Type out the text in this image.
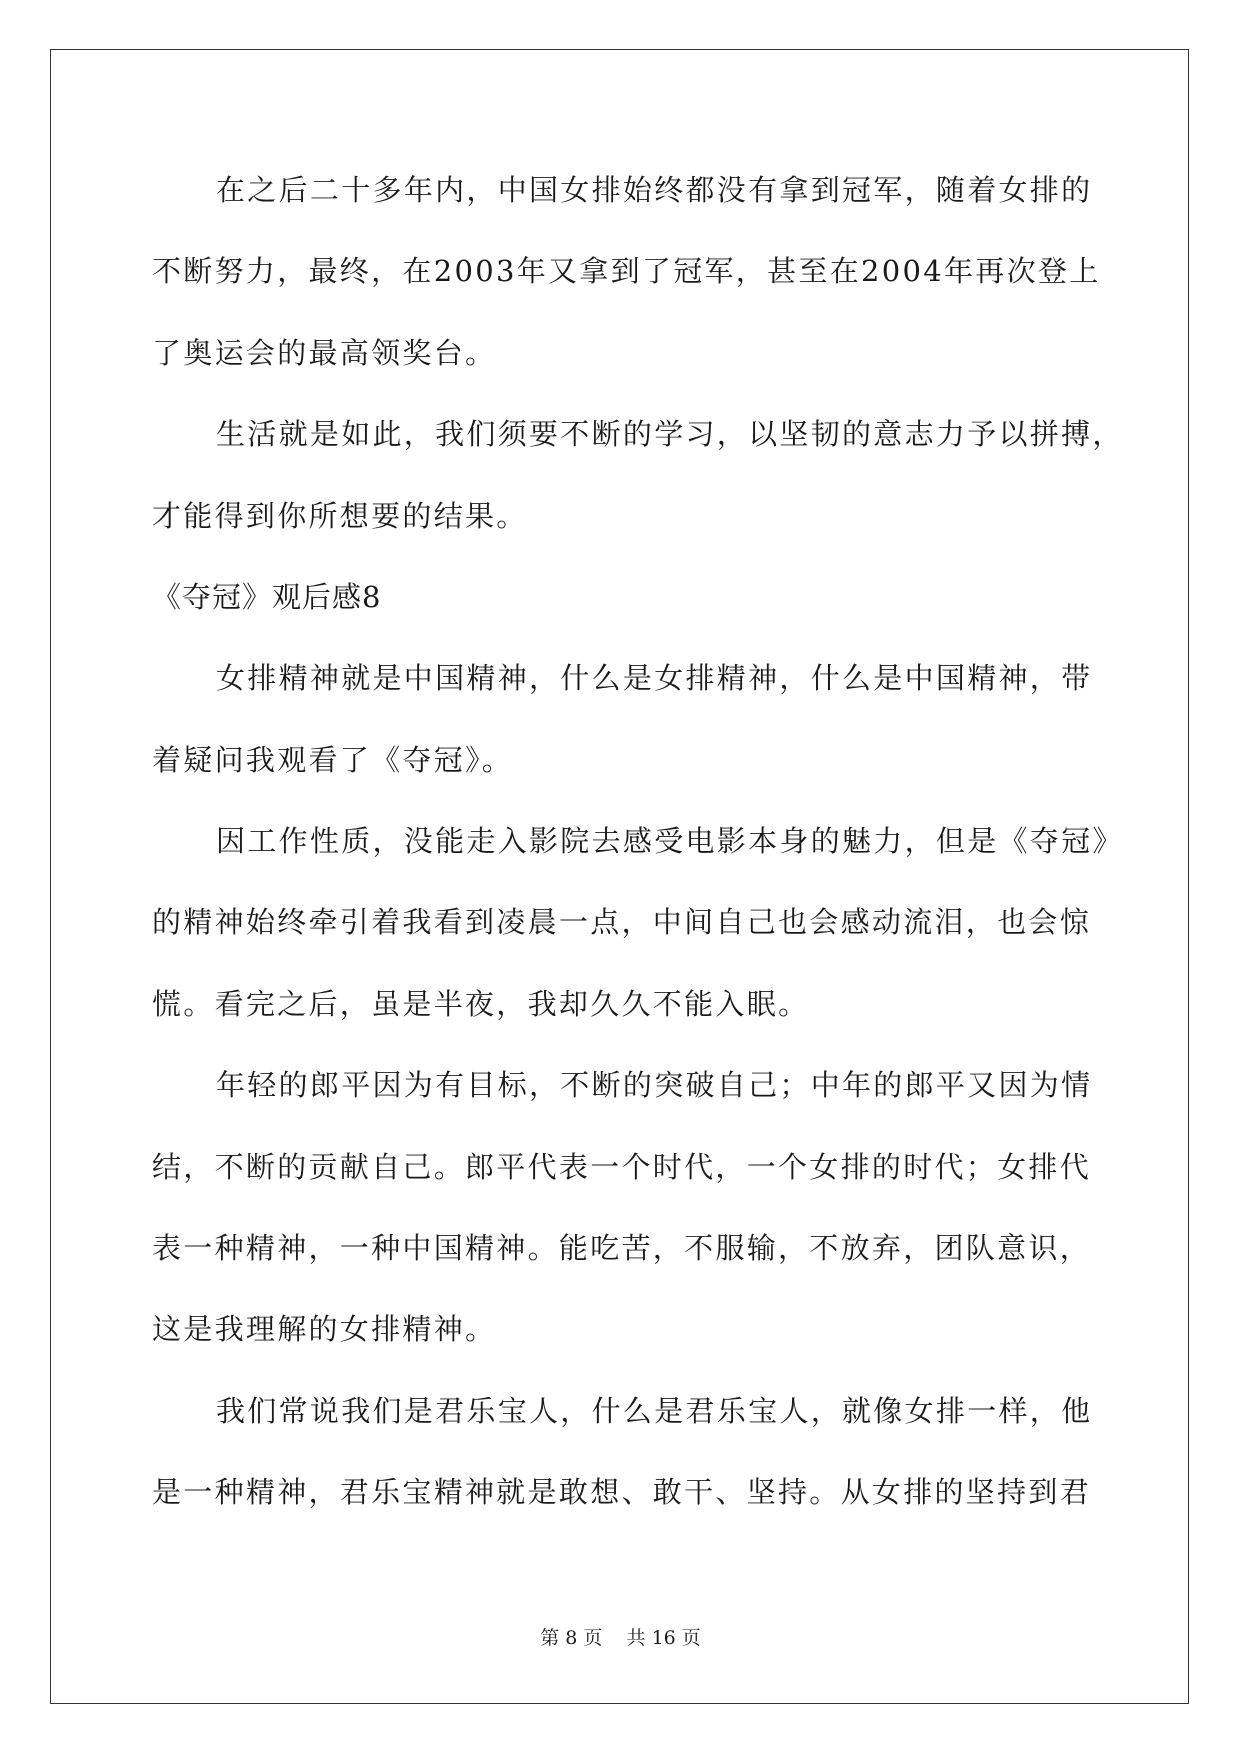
在之后二十多年内，中国女排始终都没有拿到冠军，随着女排的
不断努力，最终，在2003年又拿到了冠军，甚至在2004年再次登上
了奥运会的最高领奖台。
生活就是如此，我们须要不断的学习，以坚韧的意志力予以拼搏，
才能得到你所想要的结果。
《夺冠》观后感8
女排精神就是中国精神，什么是女排精神，什么是中国精神，带
着疑问我观看了《夺冠》。
因工作性质，没能走入影院去感受电影本身的魅力，但是《夺冠》
的精神始终牵引着我看到凌晨一点，中间自己也会感动流泪，也会惊
慌。看完之后，虽是半夜，我却久久不能入眠。
年轻的郎平因为有目标，不断的突破自己；中年的郎平又因为情
结，不断的贡献自己。郎平代表一个时代，一个女排的时代；女排代
表一种精神，一种中国精神。能吃苦，不服输，不放弃，团队意识，
这是我理解的女排精神。
我们常说我们是君乐宝人，什么是君乐宝人，就像女排一样，他
是一种精神，君乐宝精神就是敢想、敢干、坚持。从女排的坚持到君
第 8 页    共 16 页
